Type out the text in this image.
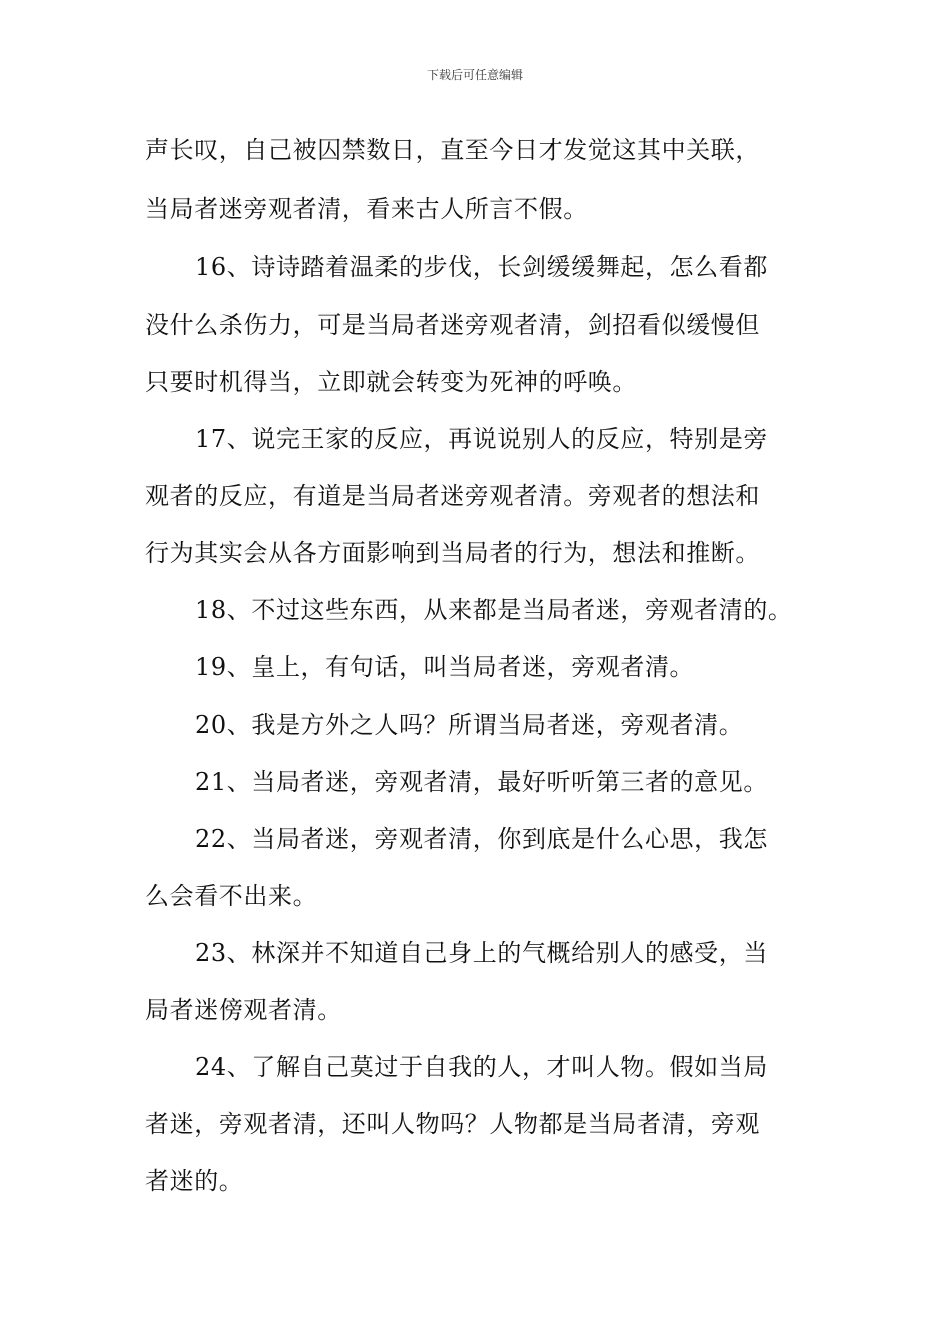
下载后可任意编辑
声长叹，自己被囚禁数日，直至今日才发觉这其中关联，
当局者迷旁观者清，看来古人所言不假。
16、诗诗踏着温柔的步伐，长剑缓缓舞起，怎么看都
没什么杀伤力，可是当局者迷旁观者清，剑招看似缓慢但
只要时机得当，立即就会转变为死神的呼唤。
17、说完王家的反应，再说说别人的反应，特别是旁
观者的反应，有道是当局者迷旁观者清。旁观者的想法和
行为其实会从各方面影响到当局者的行为，想法和推断。
18、不过这些东西，从来都是当局者迷，旁观者清的。
19、皇上，有句话，叫当局者迷，旁观者清。
20、我是方外之人吗？所谓当局者迷，旁观者清。
21、当局者迷，旁观者清，最好听听第三者的意见。
22、当局者迷，旁观者清，你到底是什么心思，我怎
么会看不出来。
23、林深并不知道自己身上的气概给别人的感受，当
局者迷傍观者清。
24、了解自己莫过于自我的人，才叫人物。假如当局
者迷，旁观者清，还叫人物吗？人物都是当局者清，旁观
者迷的。
